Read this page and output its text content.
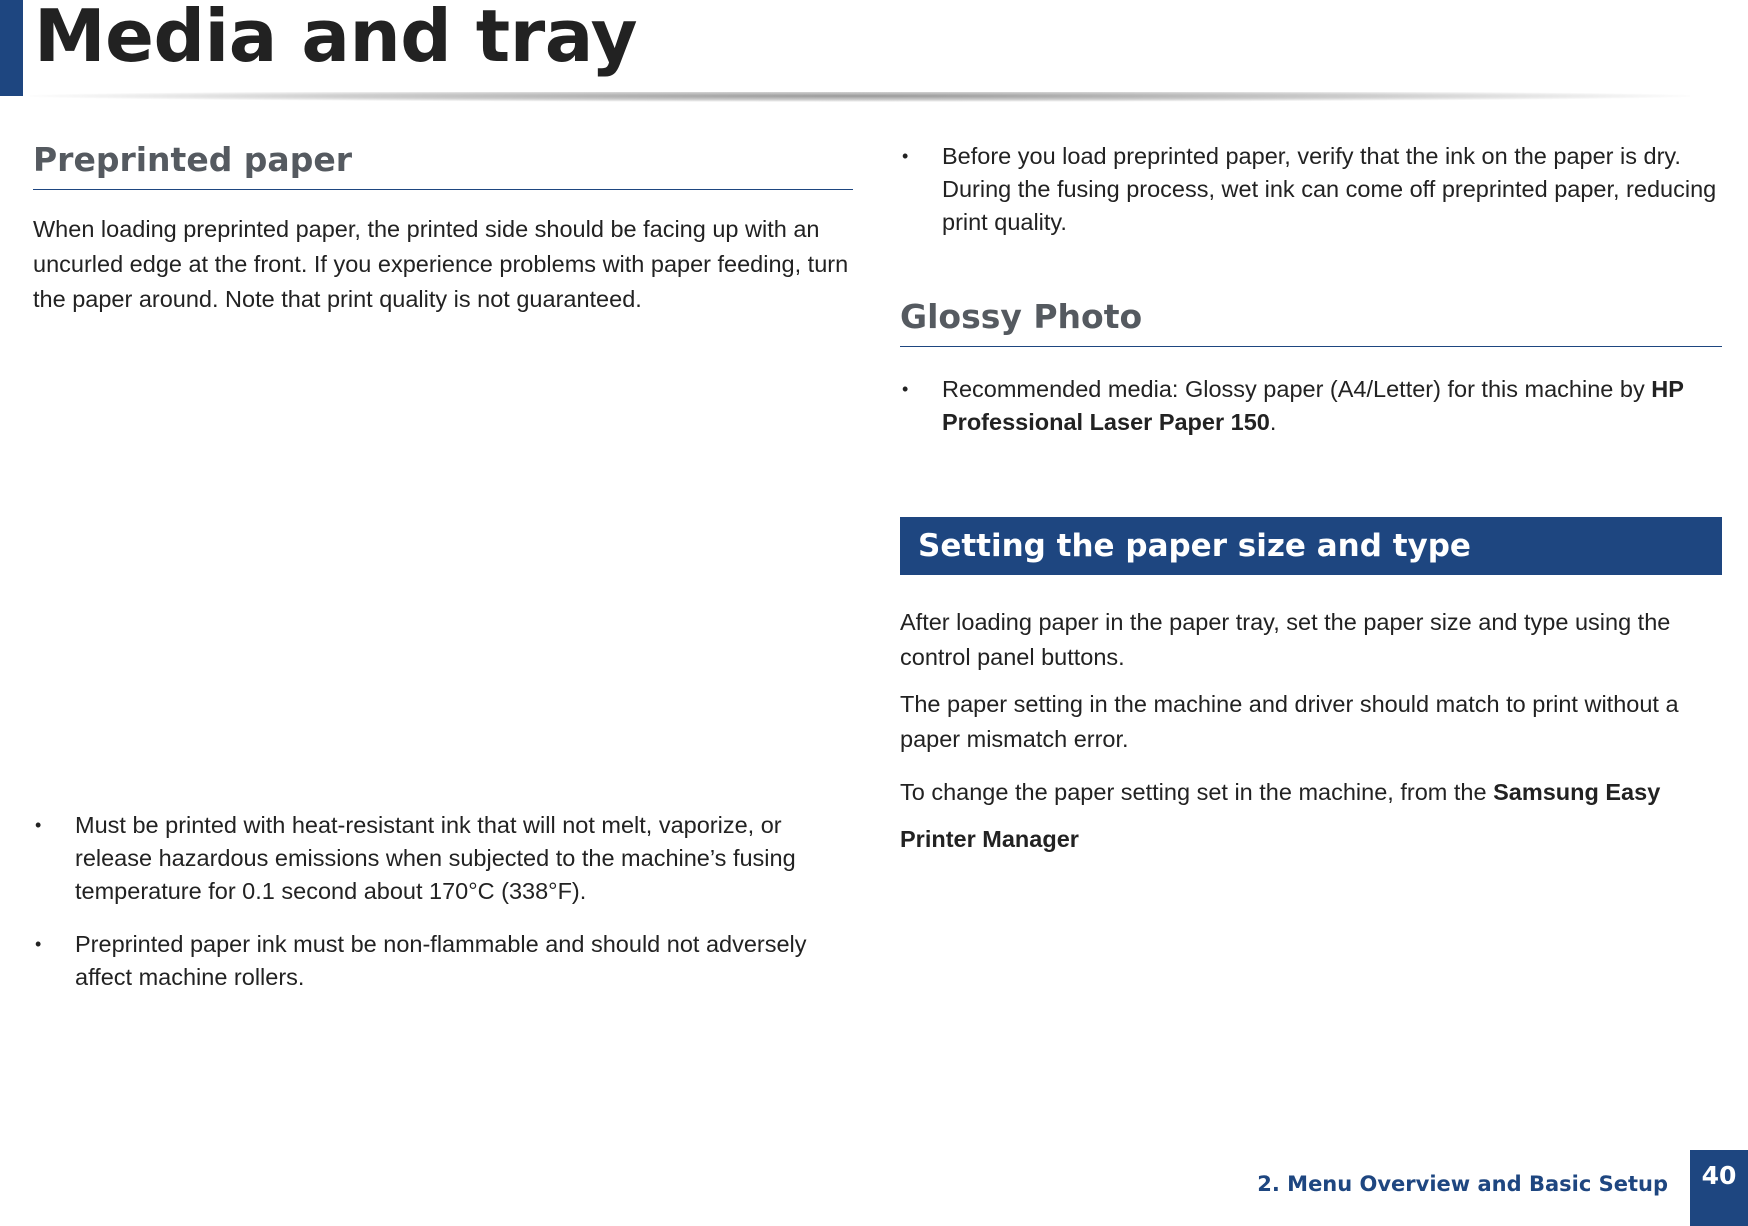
Media and tray
Preprinted paper

When loading preprinted paper, the printed side should be facing up with an uncurled edge at the front. If you experience problems with paper feeding, turn the paper around. Note that print quality is not guaranteed.

• Must be printed with heat-resistant ink that will not melt, vaporize, or release hazardous emissions when subjected to the machine’s fusing temperature for 0.1 second about 170°C (338°F).
• Preprinted paper ink must be non-flammable and should not adversely affect machine rollers.
• Before you load preprinted paper, verify that the ink on the paper is dry. During the fusing process, wet ink can come off preprinted paper, reducing print quality.
Glossy Photo
• Recommended media: Glossy paper (A4/Letter) for this machine by HP Professional Laser Paper 150.
Setting the paper size and type

After loading paper in the paper tray, set the paper size and type using the control panel buttons.

The paper setting in the machine and driver should match to print without a paper mismatch error.

To change the paper setting set in the machine, from the Samsung Easy Printer Manager

2. Menu Overview and Basic Setup	40
